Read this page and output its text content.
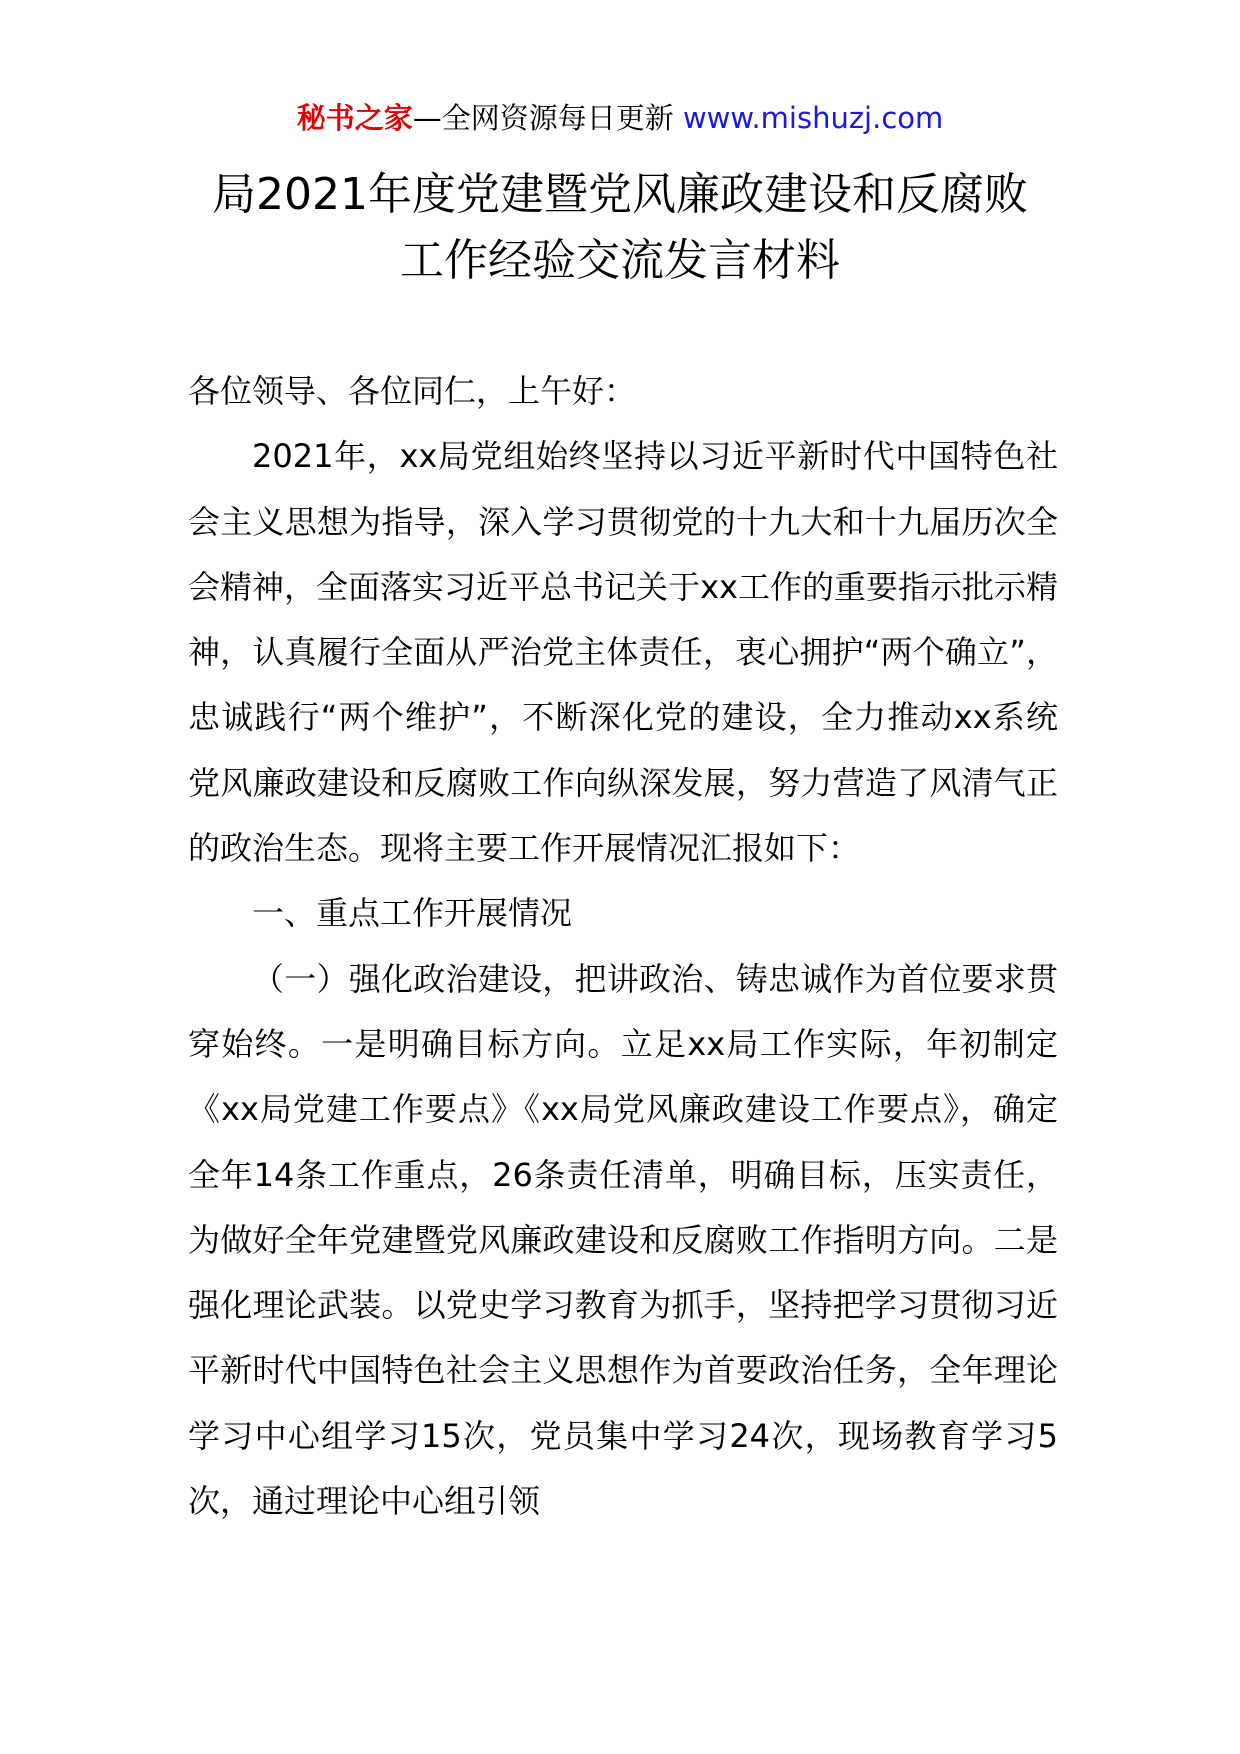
秘书之家—全网资源每日更新 www.mishuzj.com
局2021年度党建暨党风廉政建设和反腐败
工作经验交流发言材料

各位领导、各位同仁，上午好：

2021年，xx局党组始终坚持以习近平新时代中国特色社会主义思想为指导，深入学习贯彻党的十九大和十九届历次全会精神，全面落实习近平总书记关于xx工作的重要指示批示精神，认真履行全面从严治党主体责任，衷心拥护“两个确立”，忠诚践行“两个维护”，不断深化党的建设，全力推动xx系统党风廉政建设和反腐败工作向纵深发展，努力营造了风清气正的政治生态。现将主要工作开展情况汇报如下：

一、重点工作开展情况

（一）强化政治建设，把讲政治、铸忠诚作为首位要求贯穿始终。一是明确目标方向。立足xx局工作实际，年初制定《xx局党建工作要点》《xx局党风廉政建设工作要点》，确定全年14条工作重点，26条责任清单，明确目标，压实责任，为做好全年党建暨党风廉政建设和反腐败工作指明方向。二是强化理论武装。以党史学习教育为抓手，坚持把学习贯彻习近平新时代中国特色社会主义思想作为首要政治任务，全年理论学习中心组学习15次，党员集中学习24次，现场教育学习5次，通过理论中心组引领
